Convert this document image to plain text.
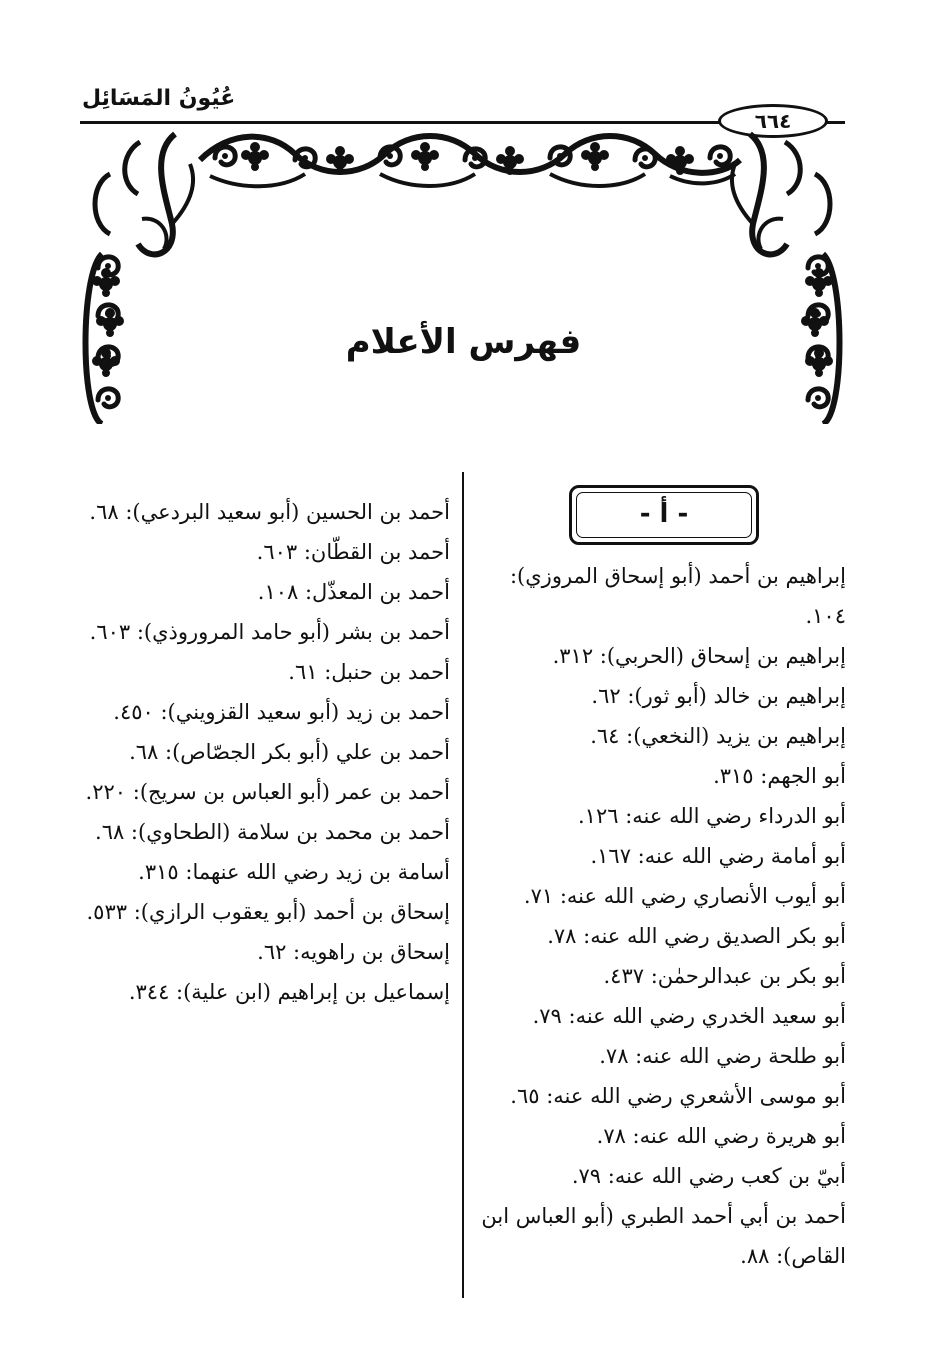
عُيُونُ المَسَائِل
٦٦٤
فهرس الأعلام
- أ -

إبراهيم بن أحمد (أبو إسحاق المروزي): ١٠٤.

إبراهيم بن إسحاق (الحربي): ٣١٢.

إبراهيم بن خالد (أبو ثور): ٦٢.

إبراهيم بن يزيد (النخعي): ٦٤.

أبو الجهم: ٣١٥.

أبو الدرداء رضي الله عنه: ١٢٦.

أبو أمامة رضي الله عنه: ١٦٧.

أبو أيوب الأنصاري رضي الله عنه: ٧١.

أبو بكر الصديق رضي الله عنه: ٧٨.

أبو بكر بن عبدالرحمٰن: ٤٣٧.

أبو سعيد الخدري رضي الله عنه: ٧٩.

أبو طلحة رضي الله عنه: ٧٨.

أبو موسى الأشعري رضي الله عنه: ٦٥.

أبو هريرة رضي الله عنه: ٧٨.

أبيّ بن كعب رضي الله عنه: ٧٩.

أحمد بن أبي أحمد الطبري (أبو العباس ابن القاص): ٨٨.

أحمد بن الحسين (أبو سعيد البردعي): ٦٨.

أحمد بن القطّان: ٦٠٣.

أحمد بن المعذّل: ١٠٨.

أحمد بن بشر (أبو حامد المروروذي): ٦٠٣.

أحمد بن حنبل: ٦١.

أحمد بن زيد (أبو سعيد القزويني): ٤٥٠.

أحمد بن علي (أبو بكر الجصّاص): ٦٨.

أحمد بن عمر (أبو العباس بن سريج): ٢٢٠.

أحمد بن محمد بن سلامة (الطحاوي): ٦٨.

أسامة بن زيد رضي الله عنهما: ٣١٥.

إسحاق بن أحمد (أبو يعقوب الرازي): ٥٣٣.

إسحاق بن راهويه: ٦٢.

إسماعيل بن إبراهيم (ابن علية): ٣٤٤.
